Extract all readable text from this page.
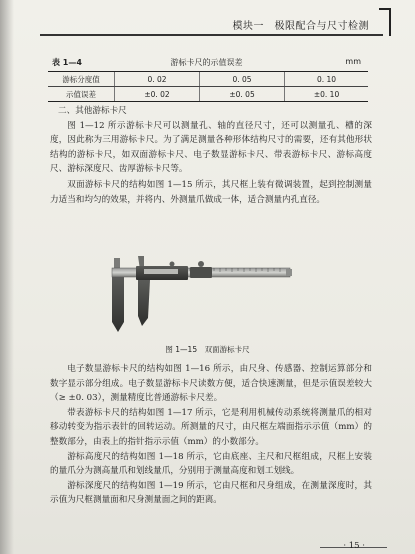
模块一　极限配合与尺寸检测
表 1—4	游标卡尺的示值误差	mm
游标分度值	0. 02	0. 05	0. 10
示值误差	±0. 02	±0. 05	±0. 10

二、其他游标卡尺

图 1—12 所示游标卡尺可以测量孔、轴的直径尺寸，还可以测量孔、槽的深度，因此称为三用游标卡尺。为了满足测量各种形体结构尺寸的需要，还有其他形状结构的游标卡尺，如双面游标卡尺、电子数显游标卡尺、带表游标卡尺、游标高度尺、游标深度尺、齿厚游标卡尺等。

双面游标卡尺的结构如图 1—15 所示，其尺框上装有微调装置，起到控制测量力适当和均匀的效果，并将内、外测量爪做成一体，适合测量内孔直径。

图 1—15　双面游标卡尺

电子数显游标卡尺的结构如图 1—16 所示，由尺身、传感器、控制运算部分和数字显示部分组成。电子数显游标卡尺读数方便，适合快速测量，但是示值误差较大（≥ ±0. 03），测量精度比普通游标卡尺差。

带表游标卡尺的结构如图 1—17 所示，它是利用机械传动系统将测量爪的相对移动转变为指示表针的回转运动。所测量的尺寸，由尺框左端面指示示值（mm）的整数部分，由表上的指针指示示值（mm）的小数部分。

游标高度尺的结构如图 1—18 所示，它由底座、主尺和尺框组成，尺框上安装的量爪分为测高量爪和划线量爪，分别用于测量高度和划工划线。

游标深度尺的结构如图 1—19 所示，它由尺框和尺身组成，在测量深度时，其示值为尺框测量面和尺身测量面之间的距离。

· 15 ·
